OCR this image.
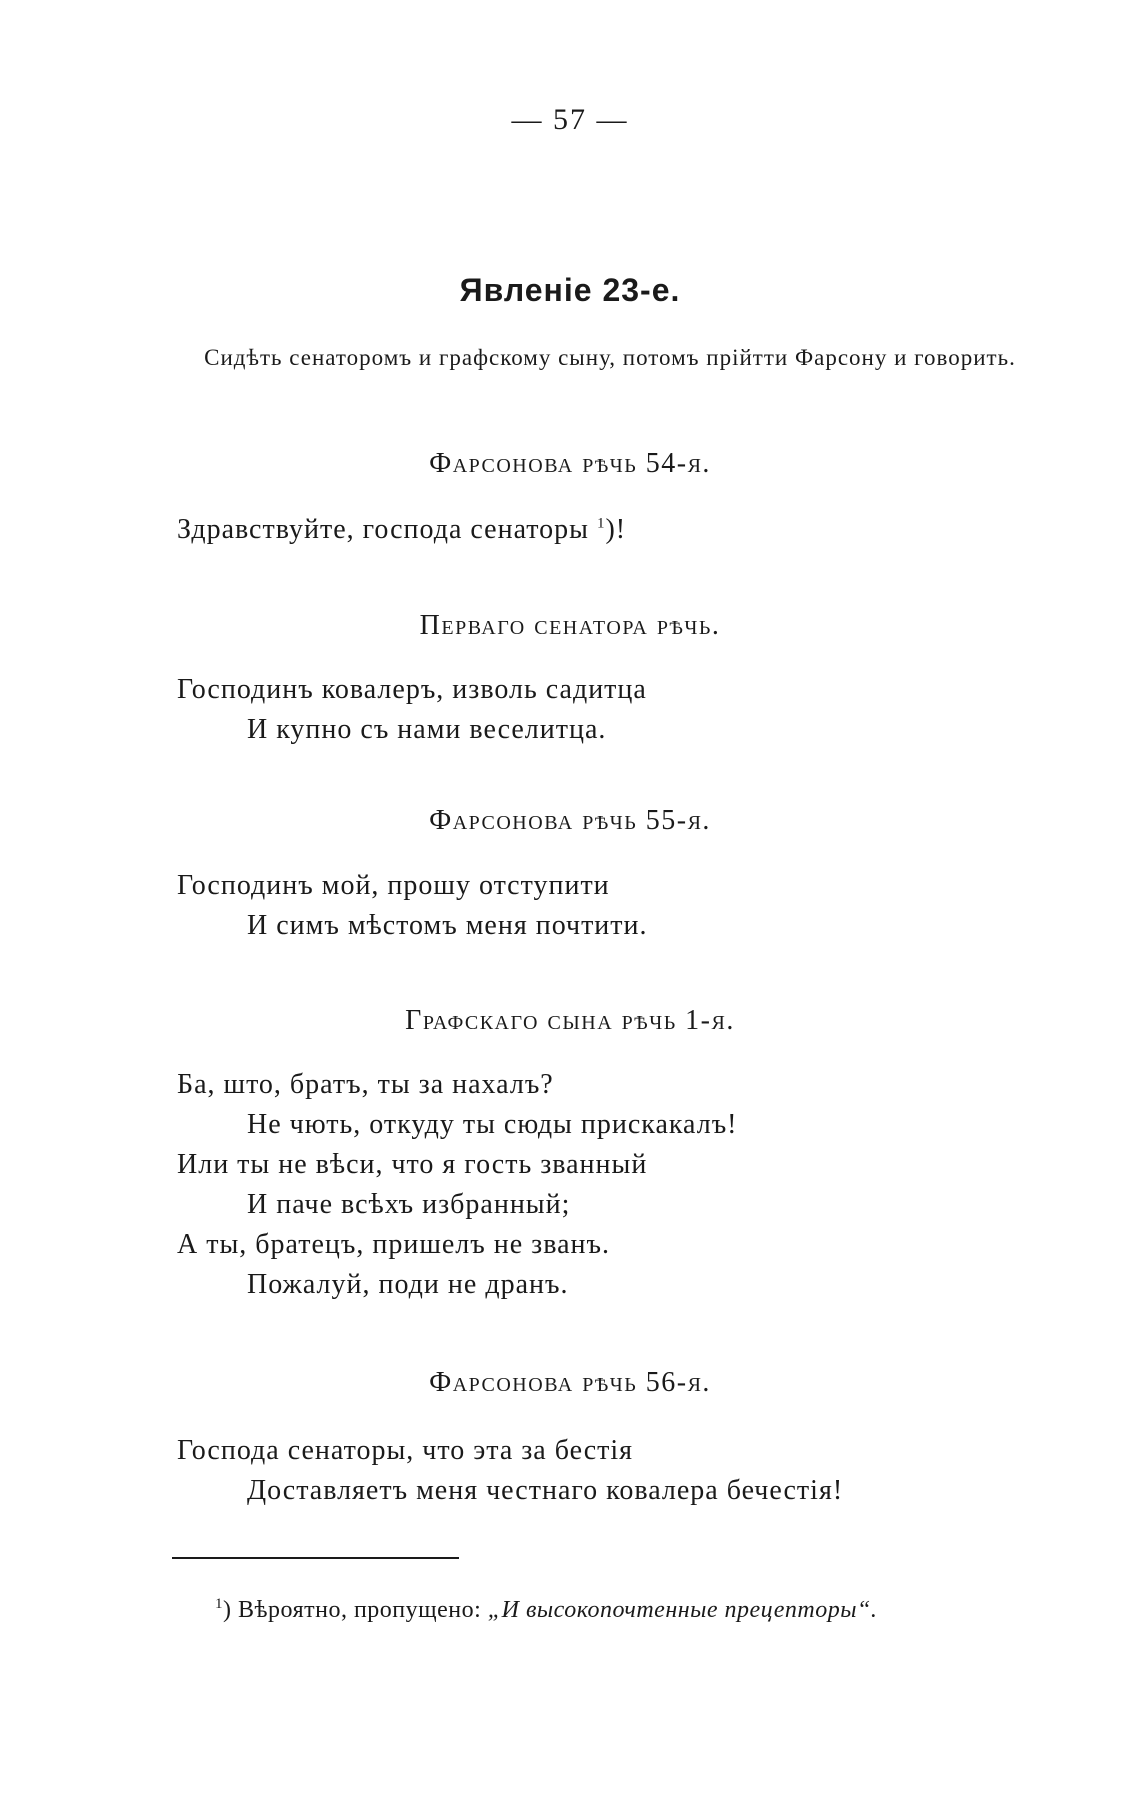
— 57 —
Явленіе 23-е.
Сидѣть сенаторомъ и графскому сыну, потомъ прійтти Фарсону и говорить.
Фарсонова рѣчь 54-я.
Здравствуйте, господа сенаторы $^1$)!
Перваго сенатора рѣчь.
Господинъ ковалеръ, изволь садитца
И купно съ нами веселитца.
Фарсонова рѣчь 55-я.
Господинъ мой, прошу отступити
И симъ мѣстомъ меня почтити.
Графскаго сына рѣчь 1-я.
Ба, што, братъ, ты за нахалъ?
Не чють, откуду ты сюды прискакалъ!
Или ты не вѣси, что я гость званный
И паче всѣхъ избранный;
А ты, братецъ, пришелъ не званъ.
Пожалуй, поди не дранъ.
Фарсонова рѣчь 56-я.
Господа сенаторы, что эта за бестія
Доставляетъ меня честнаго ковалера бечестія!
$^1$) Вѣроятно, пропущено: „И высокопочтенные прецепторы“.
